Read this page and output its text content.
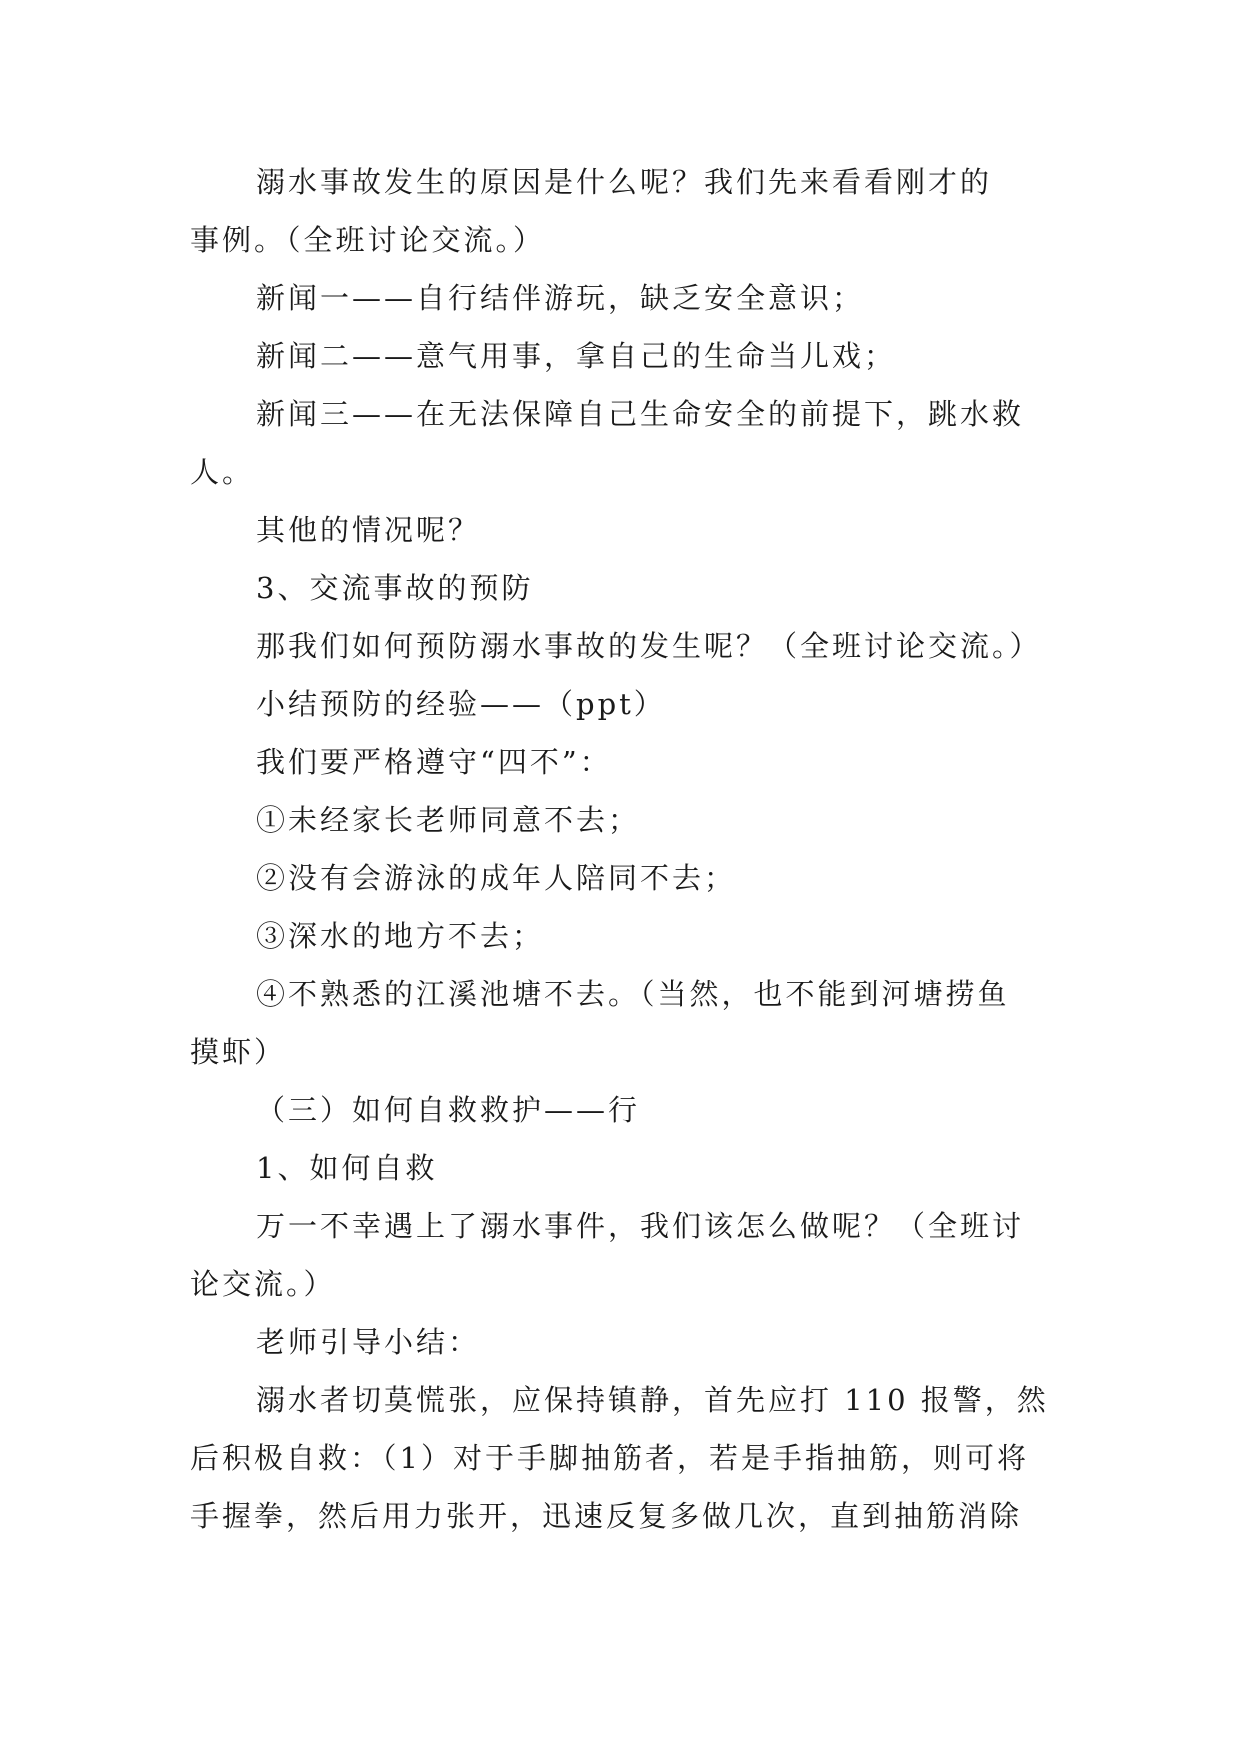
溺水事故发生的原因是什么呢？我们先来看看刚才的

事例。（全班讨论交流。）

新闻一——自行结伴游玩，缺乏安全意识；

新闻二——意气用事，拿自己的生命当儿戏；

新闻三——在无法保障自己生命安全的前提下，跳水救

人。

其他的情况呢？

3、交流事故的预防

那我们如何预防溺水事故的发生呢？（全班讨论交流。）

小结预防的经验——（ppt）

我们要严格遵守“四不”：

①未经家长老师同意不去；

②没有会游泳的成年人陪同不去；

③深水的地方不去；

④不熟悉的江溪池塘不去。（当然，也不能到河塘捞鱼

摸虾）

（三）如何自救救护——行

1、如何自救

万一不幸遇上了溺水事件，我们该怎么做呢？（全班讨

论交流。）

老师引导小结：

溺水者切莫慌张，应保持镇静，首先应打 110 报警，然

后积极自救：（1）对于手脚抽筋者，若是手指抽筋，则可将

手握拳，然后用力张开，迅速反复多做几次，直到抽筋消除
